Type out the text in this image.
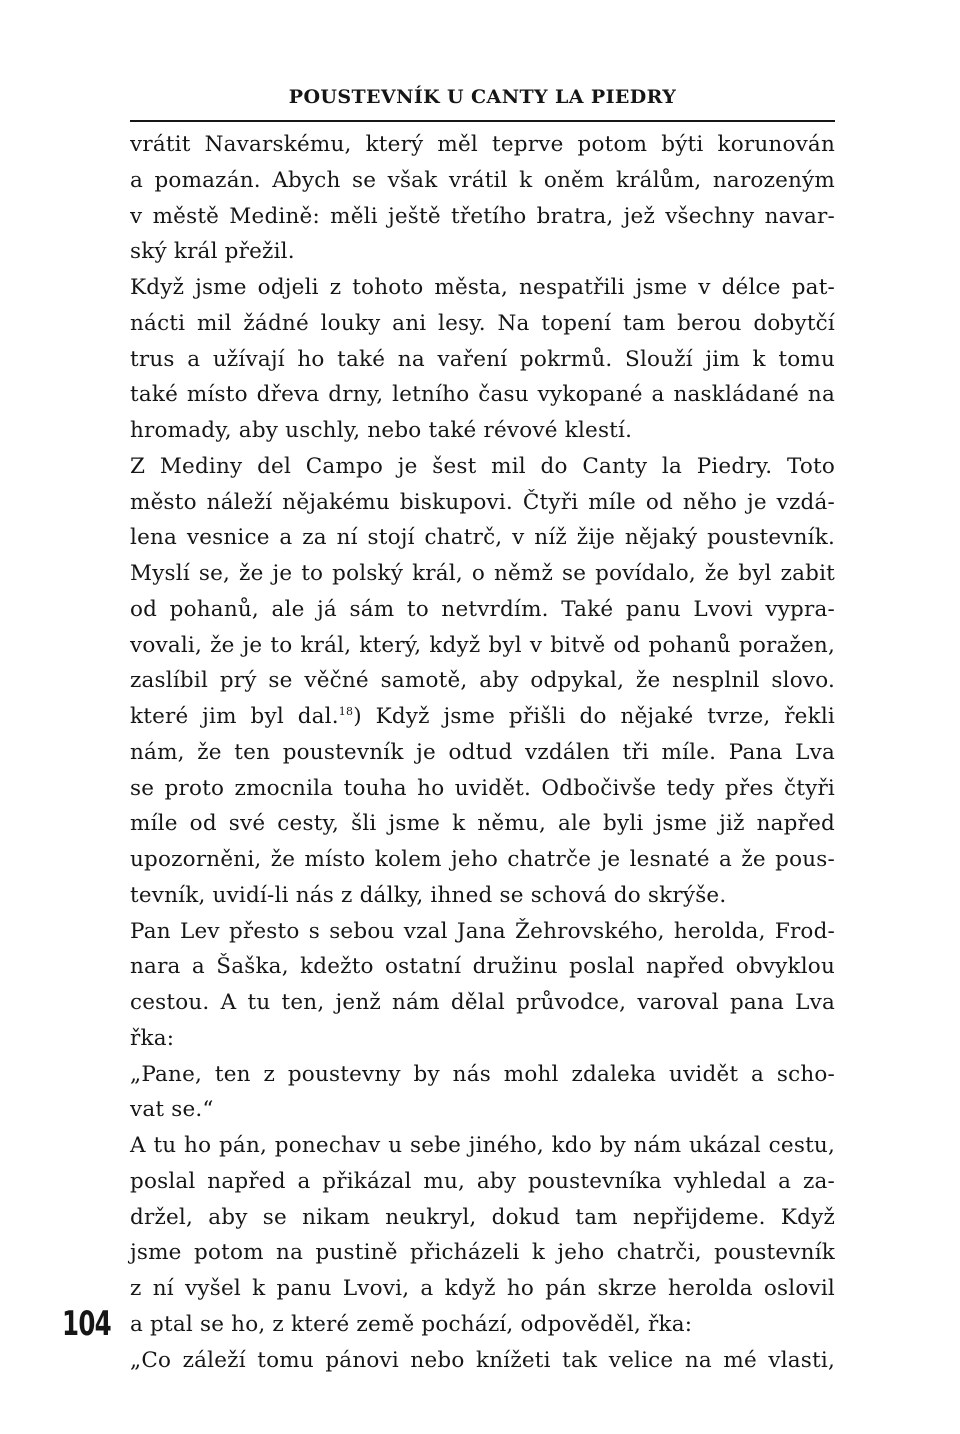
POUSTEVNÍK U CANTY LA PIEDRY
vrátit Navarskému, který měl teprve potom býti korunován
a pomazán. Abych se však vrátil k oněm králům, narozeným
v městě Medině: měli ještě třetího bratra, jež všechny navar-
ský král přežil.
Když jsme odjeli z tohoto města, nespatřili jsme v délce pat-
nácti mil žádné louky ani lesy. Na topení tam berou dobytčí
trus a užívají ho také na vaření pokrmů. Slouží jim k tomu
také místo dřeva drny, letního času vykopané a naskládané na
hromady, aby uschly, nebo také révové klestí.
Z Mediny del Campo je šest mil do Canty la Piedry. Toto
město náleží nějakému biskupovi. Čtyři míle od něho je vzdá-
lena vesnice a za ní stojí chatrč, v níž žije nějaký poustevník.
Myslí se, že je to polský král, o němž se povídalo, že byl zabit
od pohanů, ale já sám to netvrdím. Také panu Lvovi vypra-
vovali, že je to král, který, když byl v bitvě od pohanů poražen,
zaslíbil prý se věčné samotě, aby odpykal, že nesplnil slovo.
které jim byl dal.$^{18}$) Když jsme přišli do nějaké tvrze, řekli
nám, že ten poustevník je odtud vzdálen tři míle. Pana Lva
se proto zmocnila touha ho uvidět. Odbočivše tedy přes čtyři
míle od své cesty, šli jsme k němu, ale byli jsme již napřed
upozorněni, že místo kolem jeho chatrče je lesnaté a že pous-
tevník, uvidí-li nás z dálky, ihned se schová do skrýše.
Pan Lev přesto s sebou vzal Jana Žehrovského, herolda, Frod-
nara a Šaška, kdežto ostatní družinu poslal napřed obvyklou
cestou. A tu ten, jenž nám dělal průvodce, varoval pana Lva
řka:
„Pane, ten z poustevny by nás mohl zdaleka uvidět a scho-
vat se.“
A tu ho pán, ponechav u sebe jiného, kdo by nám ukázal cestu,
poslal napřed a přikázal mu, aby poustevníka vyhledal a za-
držel, aby se nikam neukryl, dokud tam nepřijdeme. Když
jsme potom na pustině přicházeli k jeho chatrči, poustevník
z ní vyšel k panu Lvovi, a když ho pán skrze herolda oslovil
a ptal se ho, z které země pochází, odpověděl, řka:
„Co záleží tomu pánovi nebo knížeti tak velice na mé vlasti,
104
